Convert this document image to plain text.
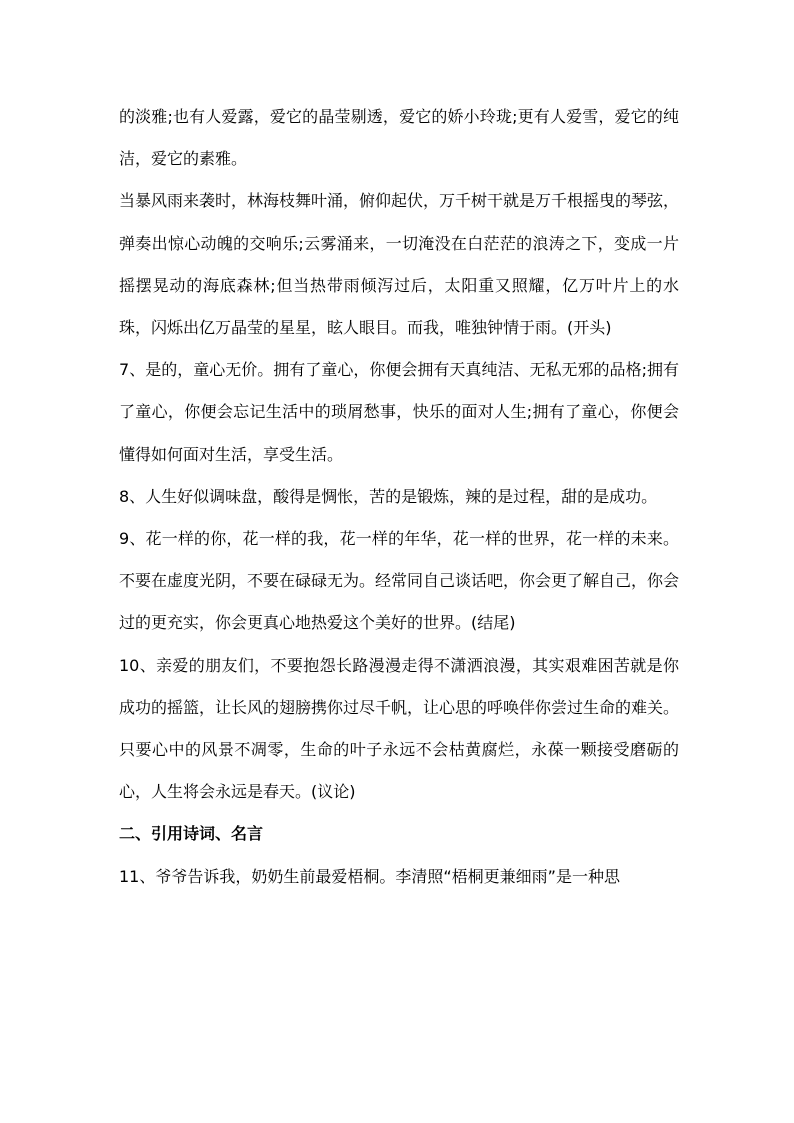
的淡雅;也有人爱露，爱它的晶莹剔透，爱它的娇小玲珑;更有人爱雪，爱它的纯洁，爱它的素雅。

当暴风雨来袭时，林海枝舞叶涌，俯仰起伏，万千树干就是万千根摇曳的琴弦，弹奏出惊心动魄的交响乐;云雾涌来，一切淹没在白茫茫的浪涛之下，变成一片摇摆晃动的海底森林;但当热带雨倾泻过后，太阳重又照耀，亿万叶片上的水珠，闪烁出亿万晶莹的星星，眩人眼目。而我，唯独钟情于雨。(开头)

7、是的，童心无价。拥有了童心，你便会拥有天真纯洁、无私无邪的品格;拥有了童心，你便会忘记生活中的琐屑愁事，快乐的面对人生;拥有了童心，你便会懂得如何面对生活，享受生活。

8、人生好似调味盘，酸得是惆怅，苦的是锻炼，辣的是过程，甜的是成功。

9、花一样的你，花一样的我，花一样的年华，花一样的世界，花一样的未来。不要在虚度光阴，不要在碌碌无为。经常同自己谈话吧，你会更了解自己，你会过的更充实，你会更真心地热爱这个美好的世界。(结尾)

10、亲爱的朋友们，不要抱怨长路漫漫走得不潇洒浪漫，其实艰难困苦就是你成功的摇篮，让长风的翅膀携你过尽千帆，让心思的呼唤伴你尝过生命的难关。只要心中的风景不凋零，生命的叶子永远不会枯黄腐烂，永葆一颗接受磨砺的心，人生将会永远是春天。(议论)

二、引用诗词、名言

11、爷爷告诉我，奶奶生前最爱梧桐。李清照“梧桐更兼细雨”是一种思
